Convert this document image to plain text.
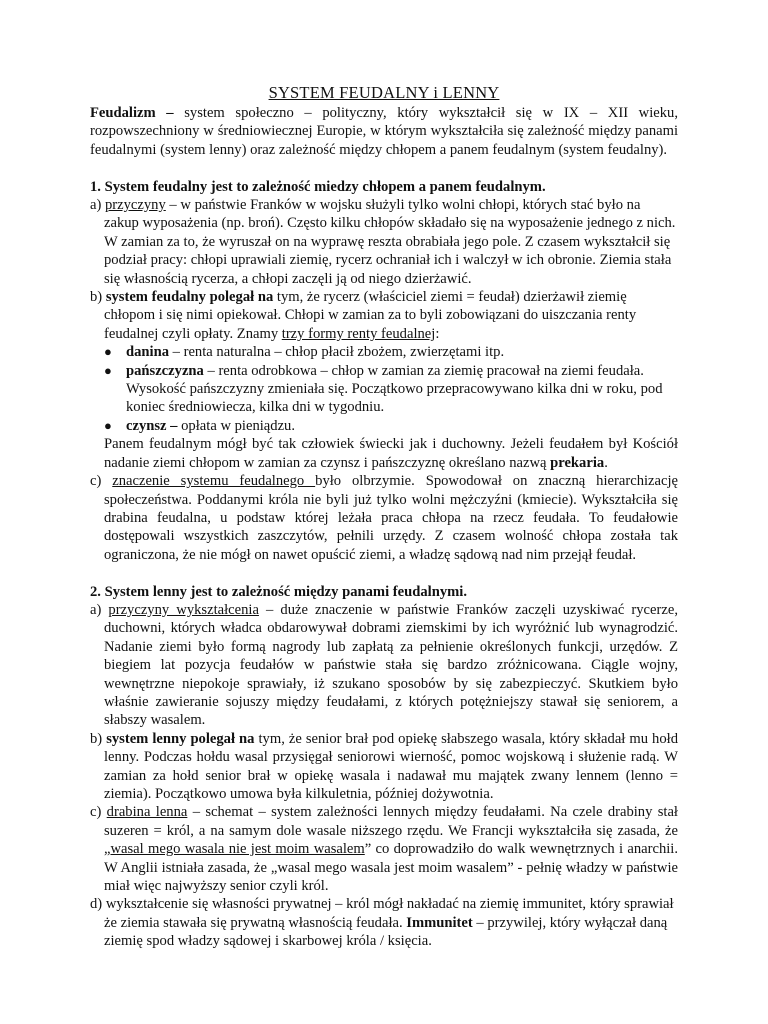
SYSTEM FEUDALNY i LENNY

Feudalizm – system społeczno – polityczny, który wykształcił się w IX – XII wieku, rozpowszechniony w średniowiecznej Europie, w którym wykształciła się zależność między panami feudalnymi (system lenny) oraz zależność między chłopem a panem feudalnym (system feudalny).

1. System feudalny jest to zależność miedzy chłopem a panem feudalnym.

a) przyczyny – w państwie Franków w wojsku służyli tylko wolni chłopi, których stać było na zakup wyposażenia (np. broń). Często kilku chłopów składało się na wyposażenie jednego z nich. W zamian za to, że wyruszał on na wyprawę reszta obrabiała jego pole. Z czasem wykształcił się podział pracy: chłopi uprawiali ziemię, rycerz ochraniał ich i walczył w ich obronie. Ziemia stała się własnością rycerza, a chłopi zaczęli ją od niego dzierżawić.

b) system feudalny polegał na tym, że rycerz (właściciel ziemi = feudał) dzierżawił ziemię chłopom i się nimi opiekował. Chłopi w zamian za to byli zobowiązani do uiszczania renty feudalnej czyli opłaty. Znamy trzy formy renty feudalnej:

● danina – renta naturalna – chłop płacił zbożem, zwierzętami itp.
● pańszczyzna – renta odrobkowa – chłop w zamian za ziemię pracował na ziemi feudała. Wysokość pańszczyzny zmieniała się. Początkowo przepracowywano kilka dni w roku, pod koniec średniowiecza, kilka dni w tygodniu.
● czynsz – opłata w pieniądzu.

Panem feudalnym mógł być tak człowiek świecki jak i duchowny. Jeżeli feudałem był Kościół nadanie ziemi chłopom w zamian za czynsz i pańszczyznę określano nazwą prekaria.

c) znaczenie systemu feudalnego było olbrzymie. Spowodował on znaczną hierarchizację społeczeństwa. Poddanymi króla nie byli już tylko wolni mężczyźni (kmiecie). Wykształciła się drabina feudalna, u podstaw której leżała praca chłopa na rzecz feudała. To feudałowie dostępowali wszystkich zaszczytów, pełnili urzędy. Z czasem wolność chłopa została tak ograniczona, że nie mógł on nawet opuścić ziemi, a władzę sądową nad nim przejął feudał.

2. System lenny jest to zależność między panami feudalnymi.

a) przyczyny wykształcenia – duże znaczenie w państwie Franków zaczęli uzyskiwać rycerze, duchowni, których władca obdarowywał dobrami ziemskimi by ich wyróżnić lub wynagrodzić. Nadanie ziemi było formą nagrody lub zapłatą za pełnienie określonych funkcji, urzędów. Z biegiem lat pozycja feudałów w państwie stała się bardzo zróżnicowana. Ciągle wojny, wewnętrzne niepokoje sprawiały, iż szukano sposobów by się zabezpieczyć. Skutkiem było właśnie zawieranie sojuszy między feudałami, z których potężniejszy stawał się seniorem, a słabszy wasalem.

b) system lenny polegał na tym, że senior brał pod opiekę słabszego wasala, który składał mu hołd lenny. Podczas hołdu wasal przysięgał seniorowi wierność, pomoc wojskową i służenie radą. W zamian za hołd senior brał w opiekę wasala i nadawał mu majątek zwany lennem (lenno = ziemia). Początkowo umowa była kilkuletnia, później dożywotnia.

c) drabina lenna – schemat – system zależności lennych między feudałami. Na czele drabiny stał suzeren = król, a na samym dole wasale niższego rzędu. We Francji wykształciła się zasada, że „wasal mego wasala nie jest moim wasalem” co doprowadziło do walk wewnętrznych i anarchii. W Anglii istniała zasada, że „wasal mego wasala jest moim wasalem” - pełnię władzy w państwie miał więc najwyższy senior czyli król.

d) wykształcenie się własności prywatnej – król mógł nakładać na ziemię immunitet, który sprawiał że ziemia stawała się prywatną własnością feudała. Immunitet – przywilej, który wyłączał daną ziemię spod władzy sądowej i skarbowej króla / księcia.
